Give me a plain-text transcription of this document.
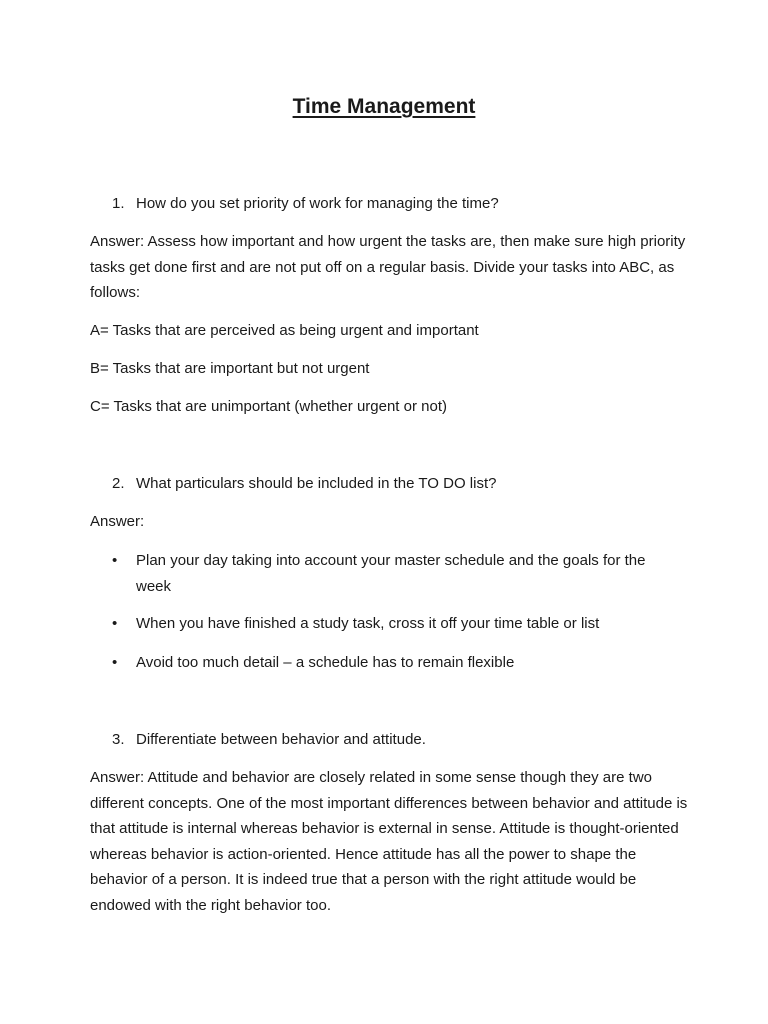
Time Management
1. How do you set priority of work for managing the time?
Answer: Assess how important and how urgent the tasks are, then make sure high priority tasks get done first and are not put off on a regular basis. Divide your tasks into ABC, as follows:
A= Tasks that are perceived as being urgent and important
B= Tasks that are important but not urgent
C= Tasks that are unimportant (whether urgent or not)
2. What particulars should be included in the TO DO list?
Answer:
•	Plan your day taking into account your master schedule and the goals for the week
•	When you have finished a study task, cross it off your time table or list
•	Avoid too much detail – a schedule has to remain flexible
3. Differentiate between behavior and attitude.
Answer: Attitude and behavior are closely related in some sense though they are two different concepts. One of the most important differences between behavior and attitude is that attitude is internal whereas behavior is external in sense. Attitude is thought-oriented whereas behavior is action-oriented. Hence attitude has all the power to shape the behavior of a person. It is indeed true that a person with the right attitude would be endowed with the right behavior too.
